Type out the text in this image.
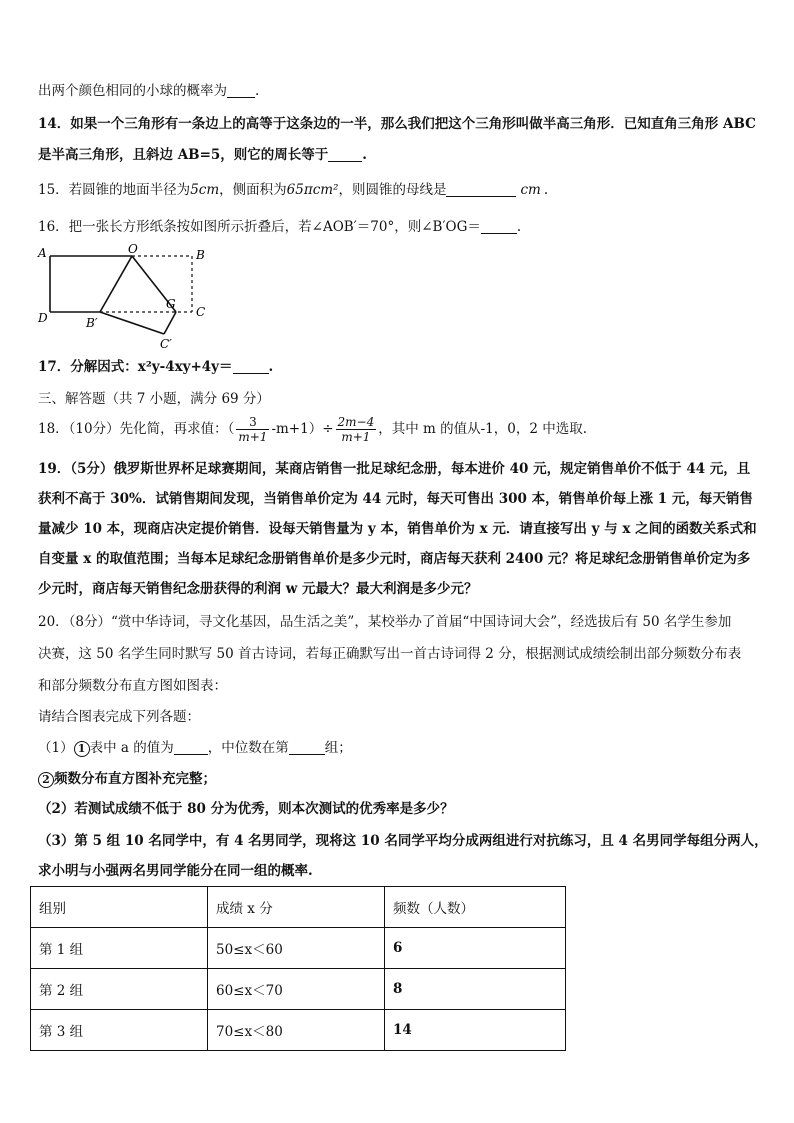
出两个颜色相同的小球的概率为 .
14．如果一个三角形有一条边上的高等于这条边的一半，那么我们把这个三角形叫做半高三角形．已知直角三角形 ABC
是半高三角形，且斜边 AB=5，则它的周长等于	.
15．若圆锥的地面半径为5cm，侧面积为65πcm²，则圆锥的母线是	cm .
16．把一张长方形纸条按如图所示折叠后，若∠AOB′＝70°，则∠B′OG＝	.
A	O	B
G
C
D	B′
C′
17．分解因式：x²y-4xy+4y＝	.
三、解答题（共 7 小题，满分 69 分）
18．（10分）先化简，再求值：（ $\frac{3}{m+1} -m+1)\div \frac{2m-4}{m+1}$ ，其中 m 的值从-1，0，2 中选取.
19．（5分）俄罗斯世界杯足球赛期间，某商店销售一批足球纪念册，每本进价 40 元，规定销售单价不低于 44 元，且
获利不高于 30%．试销售期间发现，当销售单价定为 44 元时，每天可售出 300 本，销售单价每上涨 1 元，每天销售
量减少 10 本，现商店决定提价销售．设每天销售量为 y 本，销售单价为 x 元．请直接写出 y 与 x 之间的函数关系式和
自变量 x 的取值范围；当每本足球纪念册销售单价是多少元时，商店每天获利 2400 元？将足球纪念册销售单价定为多
少元时，商店每天销售纪念册获得的利润 w 元最大？最大利润是多少元？
20．（8分）“赏中华诗词，寻文化基因，品生活之美”，某校举办了首届“中国诗词大会”，经选拔后有 50 名学生参加
决赛，这 50 名学生同时默写 50 首古诗词，若每正确默写出一首古诗词得 2 分，根据测试成绩绘制出部分频数分布表
和部分频数分布直方图如图表：
请结合图表完成下列各题：
（1） 1 表中 a 的值为	，中位数在第	组；
2 频数分布直方图补充完整；
（2）若测试成绩不低于 80 分为优秀，则本次测试的优秀率是多少？
（3）第 5 组 10 名同学中，有 4 名男同学，现将这 10 名同学平均分成两组进行对抗练习，且 4 名男同学每组分两人，
求小明与小强两名男同学能分在同一组的概率.
组别	成绩 x 分	频数（人数）
第 1 组	50≤x＜60	6
第 2 组	60≤x＜70	8
第 3 组	70≤x＜80	14
